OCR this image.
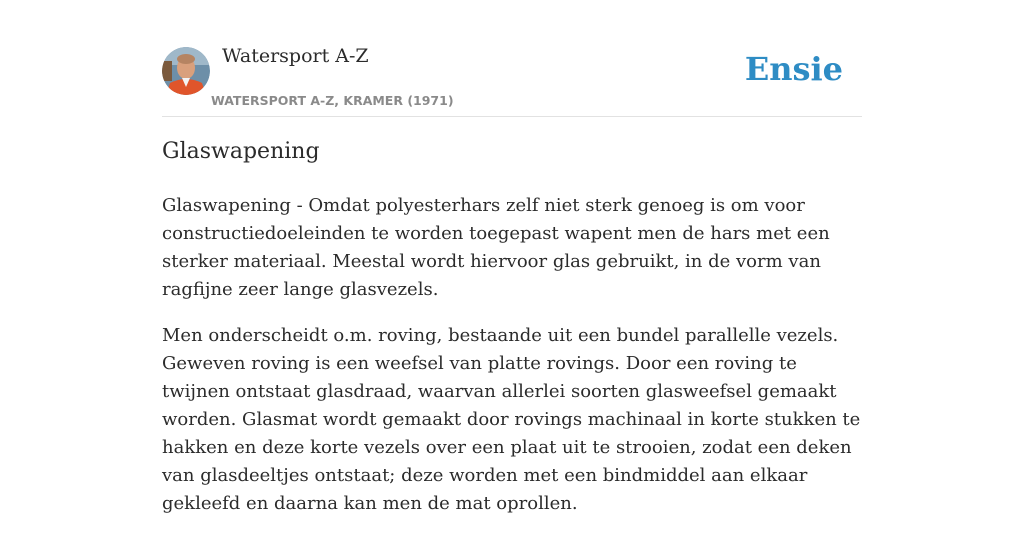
Watersport A-Z
WATERSPORT A-Z, KRAMER (1971)
Ensie
Glaswapening

Glaswapening - Omdat polyesterhars zelf niet sterk genoeg is om voor constructiedoeleinden te worden toegepast wapent men de hars met een sterker materiaal. Meestal wordt hiervoor glas gebruikt, in de vorm van ragfijne zeer lange glasvezels.

Men onderscheidt o.m. roving, bestaande uit een bundel parallelle vezels. Geweven roving is een weefsel van platte rovings. Door een roving te twijnen ontstaat glasdraad, waarvan allerlei soorten glasweefsel gemaakt worden. Glasmat wordt gemaakt door rovings machinaal in korte stukken te hakken en deze korte vezels over een plaat uit te strooien, zodat een deken van glasdeeltjes ontstaat; deze worden met een bindmiddel aan elkaar gekleefd en daarna kan men de mat oprollen.
